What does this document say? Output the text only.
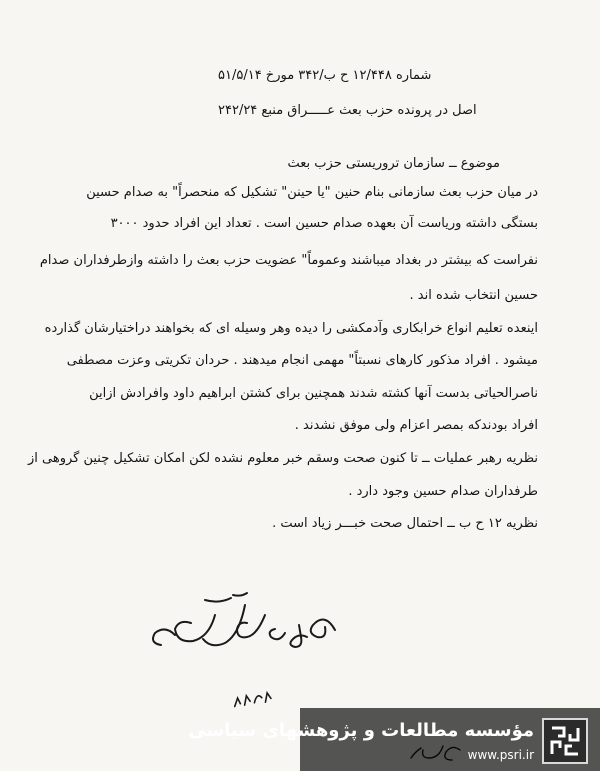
شماره ۱۲/۴۴۸ ح ب/۳۴۲ مورخ ۵۱/۵/۱۴
اصل در پرونده حزب بعث عـــــراق منبع ۲۴۲/۲۴
موضوع ــ سازمان تروریستی حزب بعث
در میان حزب بعث سازمانی بنام حنین "یا حینن" تشکیل که منحصراً" به صدام حسین
بستگی داشته وریاست آن بعهده صدام حسین است . تعداد این افراد حدود ۳۰۰۰
نفراست که بیشتر در بغداد میباشند وعموماً" عضویت حزب بعث را داشته وازطرفداران صدام
حسین انتخاب شده اند .
اینعده تعلیم انواع خرابکاری وآدمکشی را دیده وهر وسیله ای که بخواهند دراختیارشان گذارده
میشود . افراد مذکور کارهای نسبتاً" مهمی انجام میدهند . حردان تکریتی وعزت مصطفی
ناصرالحیاتی بدست آنها کشته شدند همچنین برای کشتن ابراهیم داود وافرادش ازاین
افراد بودندکه بمصر اعزام ولی موفق نشدند .
نظریه رهبر عملیات ــ تا کنون صحت وسقم خبر معلوم نشده لکن امکان تشکیل چنین گروهی از
طرفداران صدام حسین وجود دارد .
نظریه ۱۲ ح ب ــ احتمال صحت خبـــر زیاد است .
مؤسسه مطالعات و پژوهشهای سیاسی
www.psri.ir
